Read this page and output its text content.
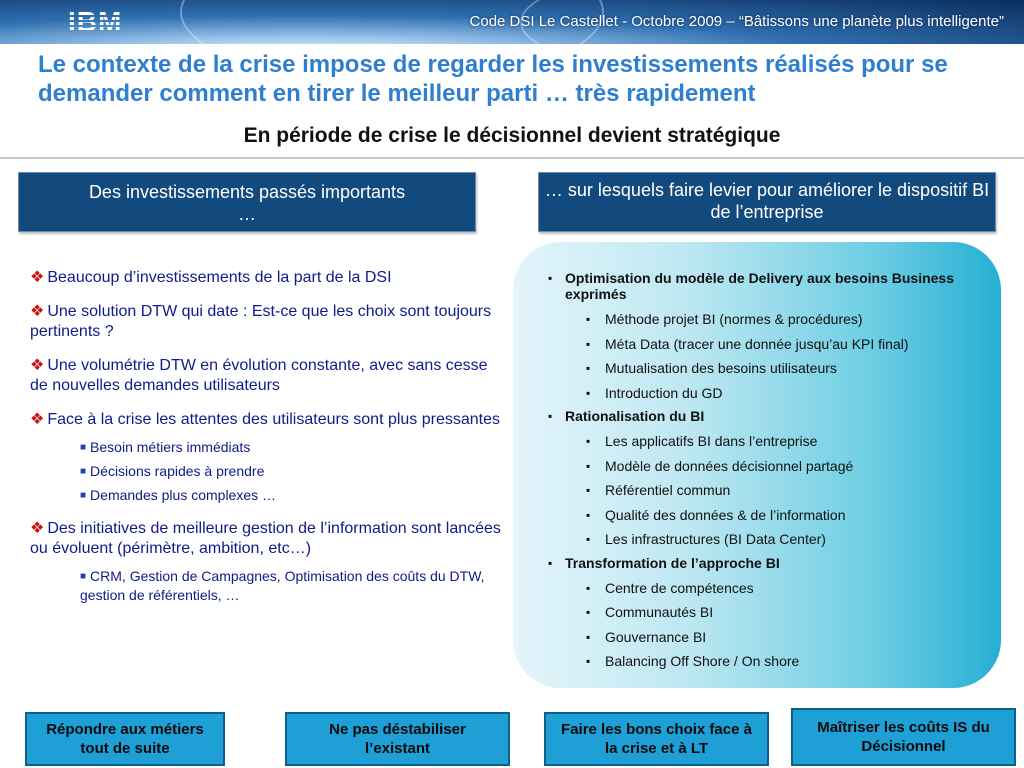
IBM	Code DSI Le Castellet - Octobre 2009 – “Bâtissons une planète plus intelligente”
Le contexte de la crise impose de regarder les investissements réalisés pour se demander comment en tirer le meilleur parti … très rapidement
En période de crise le décisionnel devient stratégique
Des investissements passés importants …
… sur lesquels faire levier pour améliorer le dispositif BI de l’entreprise
❖ Beaucoup d’investissements de la part de la DSI
❖ Une solution DTW qui date : Est-ce que les choix sont toujours pertinents ?
❖ Une volumétrie DTW en évolution constante, avec sans cesse de nouvelles demandes utilisateurs
❖ Face à la crise les attentes des utilisateurs sont plus pressantes
■ Besoin métiers immédiats
■ Décisions rapides à prendre
■ Demandes plus complexes …
❖ Des initiatives de meilleure gestion de l’information sont lancées ou évoluent (périmètre, ambition, etc…)
■ CRM, Gestion de Campagnes, Optimisation des coûts du DTW, gestion de référentiels, …
▪ Optimisation du modèle de Delivery aux besoins Business exprimés
▪ Méthode projet BI (normes & procédures)
▪ Méta Data (tracer une donnée jusqu’au KPI final)
▪ Mutualisation des besoins utilisateurs
▪ Introduction du GD
▪ Rationalisation du BI
▪ Les applicatifs BI dans l’entreprise
▪ Modèle de données décisionnel partagé
▪ Référentiel commun
▪ Qualité des données & de l’information
▪ Les infrastructures (BI Data Center)
▪ Transformation de l’approche BI
▪ Centre de compétences
▪ Communautés BI
▪ Gouvernance BI
▪ Balancing Off Shore / On shore
Répondre aux métiers tout de suite
Ne pas déstabiliser l’existant
Faire les bons choix face à la crise et à LT
Maîtriser les coûts IS du Décisionnel
